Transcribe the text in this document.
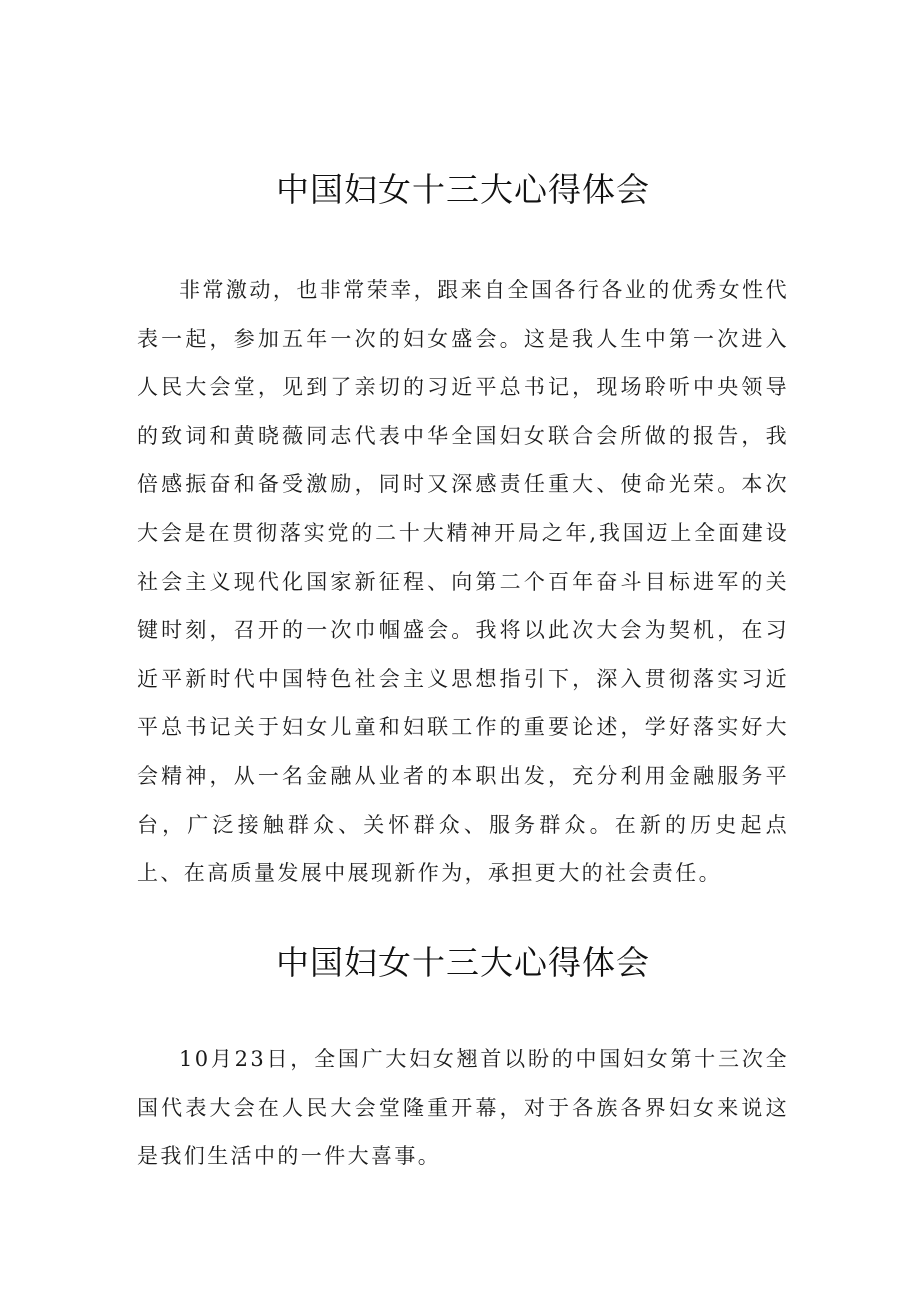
中国妇女十三大心得体会

非常激动，也非常荣幸，跟来自全国各行各业的优秀女性代表一起，参加五年一次的妇女盛会。这是我人生中第一次进入人民大会堂，见到了亲切的习近平总书记，现场聆听中央领导的致词和黄晓薇同志代表中华全国妇女联合会所做的报告，我倍感振奋和备受激励，同时又深感责任重大、使命光荣。本次大会是在贯彻落实党的二十大精神开局之年,我国迈上全面建设社会主义现代化国家新征程、向第二个百年奋斗目标进军的关键时刻，召开的一次巾帼盛会。我将以此次大会为契机，在习近平新时代中国特色社会主义思想指引下，深入贯彻落实习近平总书记关于妇女儿童和妇联工作的重要论述，学好落实好大会精神，从一名金融从业者的本职出发，充分利用金融服务平台，广泛接触群众、关怀群众、服务群众。在新的历史起点上、在高质量发展中展现新作为，承担更大的社会责任。

中国妇女十三大心得体会

10月23日，全国广大妇女翘首以盼的中国妇女第十三次全国代表大会在人民大会堂隆重开幕，对于各族各界妇女来说这是我们生活中的一件大喜事。
